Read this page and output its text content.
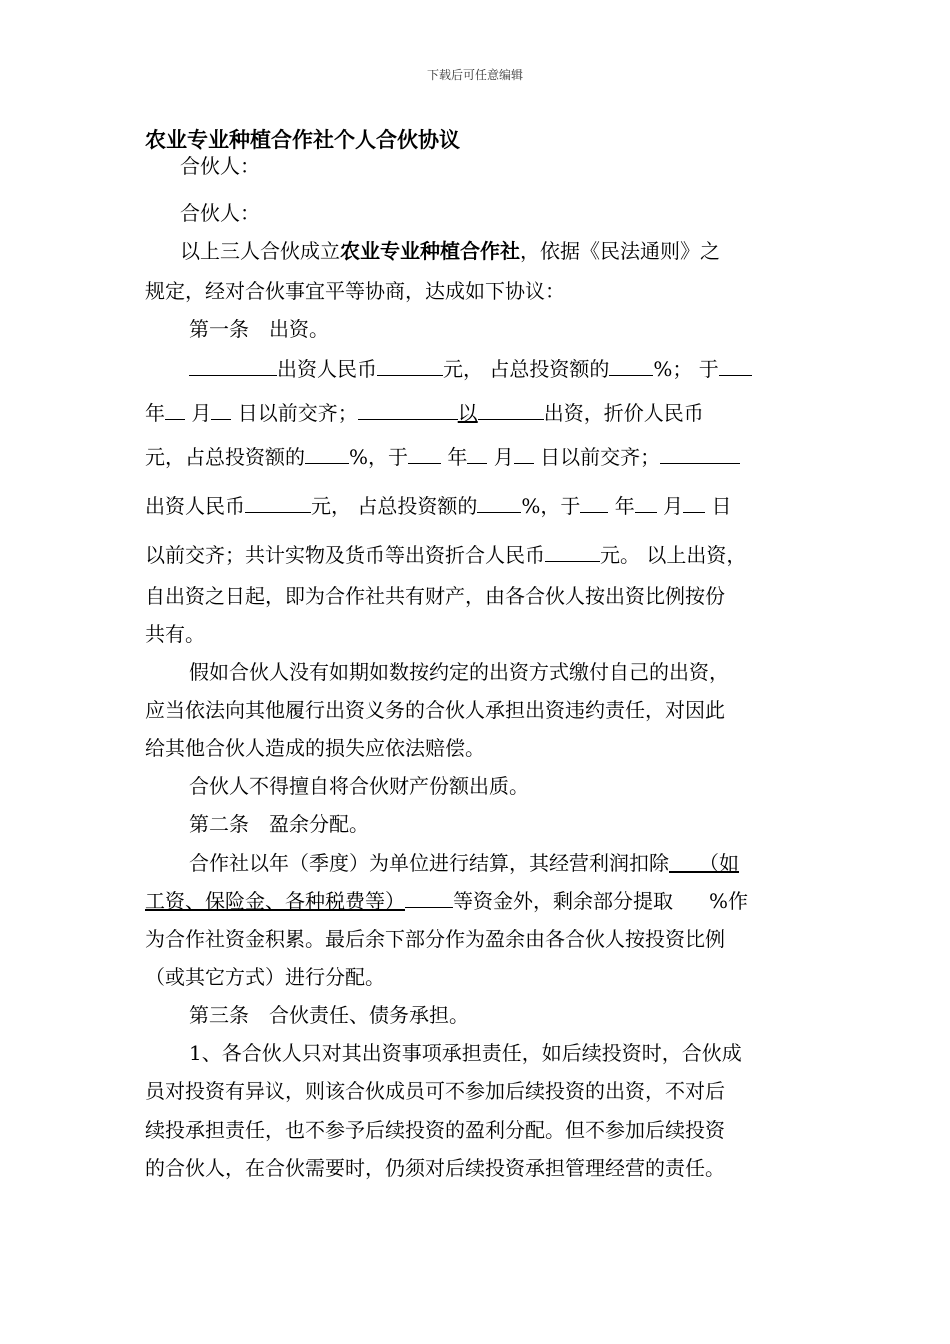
下载后可任意编辑
农业专业种植合作社个人合伙协议
合伙人：
合伙人：
以上三人合伙成立农业专业种植合作社，依据《民法通则》之
规定，经对合伙事宜平等协商，达成如下协议：
第一条　出资。
出资人民币	元， 占总投资额的 %； 于
年 月 日以前交齐；	以	出资，折价人民币
元，占总投资额的 %，于 年 月 日以前交齐；
出资人民币	元， 占总投资额的 %，于 年 月 日
以前交齐；共计实物及货币等出资折合人民币	元。 以上出资，
自出资之日起，即为合作社共有财产，由各合伙人按出资比例按份
共有。
假如合伙人没有如期如数按约定的出资方式缴付自己的出资，
应当依法向其他履行出资义务的合伙人承担出资违约责任，对因此
给其他合伙人造成的损失应依法赔偿。
合伙人不得擅自将合伙财产份额出质。
第二条　盈余分配。
合作社以年（季度）为单位进行结算，其经营利润扣除　　 （如
工资、保险金、各种税费等） 等资金外，剩余部分提取 %作
为合作社资金积累。最后余下部分作为盈余由各合伙人按投资比例
（或其它方式）进行分配。
第三条　合伙责任、债务承担。
1、各合伙人只对其出资事项承担责任，如后续投资时，合伙成
员对投资有异议，则该合伙成员可不参加后续投资的出资，不对后
续投承担责任，也不参予后续投资的盈利分配。但不参加后续投资
的合伙人，在合伙需要时，仍须对后续投资承担管理经营的责任。
